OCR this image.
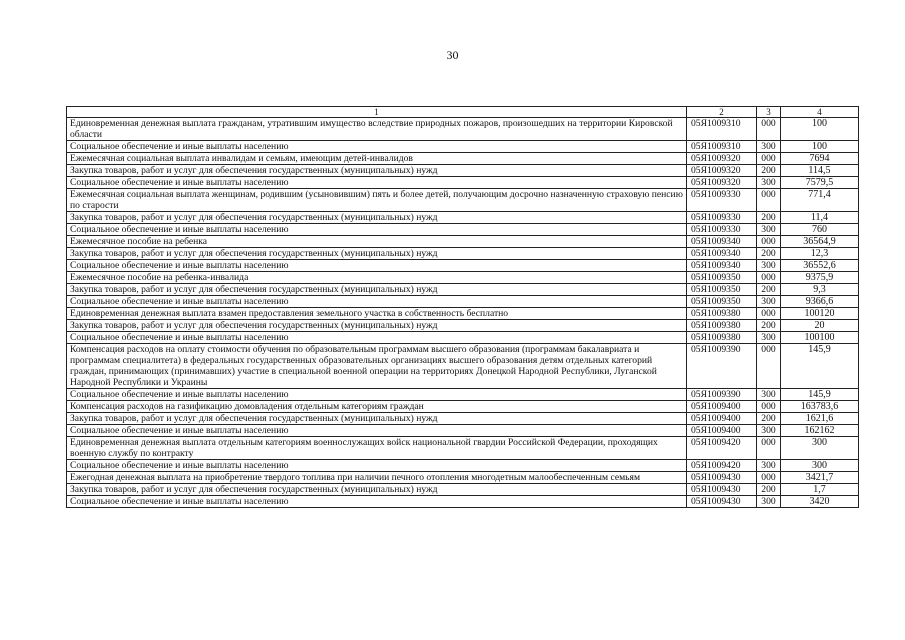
30
1	2	3	4
Единовременная денежная выплата гражданам, утратившим имущество вследствие природных пожаров, произошедших на территории Кировской области	05Я1009310	000	100
Социальное обеспечение и иные выплаты населению	05Я1009310	300	100
Ежемесячная социальная выплата инвалидам и семьям, имеющим детей-инвалидов	05Я1009320	000	7694
Закупка товаров, работ и услуг для обеспечения государственных (муниципальных) нужд	05Я1009320	200	114,5
Социальное обеспечение и иные выплаты населению	05Я1009320	300	7579,5
Ежемесячная социальная выплата женщинам, родившим (усыновившим) пять и более детей, получающим досрочно назначенную страховую пенсию по старости	05Я1009330	000	771,4
Закупка товаров, работ и услуг для обеспечения государственных (муниципальных) нужд	05Я1009330	200	11,4
Социальное обеспечение и иные выплаты населению	05Я1009330	300	760
Ежемесячное пособие на ребенка	05Я1009340	000	36564,9
Закупка товаров, работ и услуг для обеспечения государственных (муниципальных) нужд	05Я1009340	200	12,3
Социальное обеспечение и иные выплаты населению	05Я1009340	300	36552,6
Ежемесячное пособие на ребенка-инвалида	05Я1009350	000	9375,9
Закупка товаров, работ и услуг для обеспечения государственных (муниципальных) нужд	05Я1009350	200	9,3
Социальное обеспечение и иные выплаты населению	05Я1009350	300	9366,6
Единовременная денежная выплата взамен предоставления земельного участка в собственность бесплатно	05Я1009380	000	100120
Закупка товаров, работ и услуг для обеспечения государственных (муниципальных) нужд	05Я1009380	200	20
Социальное обеспечение и иные выплаты населению	05Я1009380	300	100100
Компенсация расходов на оплату стоимости обучения по образовательным программам высшего образования (программам бакалавриата и программам специалитета) в федеральных государственных образовательных организациях высшего образования детям отдельных категорий граждан, принимающих (принимавших) участие в специальной военной операции на территориях Донецкой Народной Республики, Луганской Народной Республики и Украины	05Я1009390	000	145,9
Социальное обеспечение и иные выплаты населению	05Я1009390	300	145,9
Компенсация расходов на газификацию домовладения отдельным категориям граждан	05Я1009400	000	163783,6
Закупка товаров, работ и услуг для обеспечения государственных (муниципальных) нужд	05Я1009400	200	1621,6
Социальное обеспечение и иные выплаты населению	05Я1009400	300	162162
Единовременная денежная выплата отдельным категориям военнослужащих войск национальной гвардии Российской Федерации, проходящих военную службу по контракту	05Я1009420	000	300
Социальное обеспечение и иные выплаты населению	05Я1009420	300	300
Ежегодная денежная выплата на приобретение твердого топлива при наличии печного отопления многодетным малообеспеченным семьям	05Я1009430	000	3421,7
Закупка товаров, работ и услуг для обеспечения государственных (муниципальных) нужд	05Я1009430	200	1,7
Социальное обеспечение и иные выплаты населению	05Я1009430	300	3420
